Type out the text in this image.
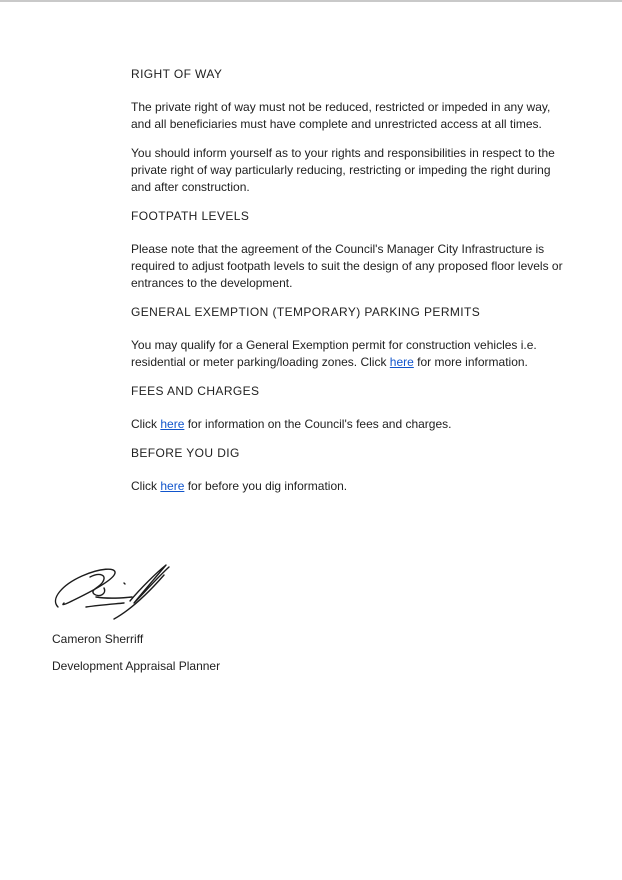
RIGHT OF WAY

The private right of way must not be reduced, restricted or impeded in any way, and all beneficiaries must have complete and unrestricted access at all times.

You should inform yourself as to your rights and responsibilities in respect to the private right of way particularly reducing, restricting or impeding the right during and after construction.

FOOTPATH LEVELS

Please note that the agreement of the Council's Manager City Infrastructure is required to adjust footpath levels to suit the design of any proposed floor levels or entrances to the development.

GENERAL EXEMPTION (TEMPORARY) PARKING PERMITS

You may qualify for a General Exemption permit for construction vehicles i.e. residential or meter parking/loading zones. Click here for more information.

FEES AND CHARGES

Click here for information on the Council's fees and charges.

BEFORE YOU DIG

Click here for before you dig information.

Cameron Sherriff

Development Appraisal Planner
